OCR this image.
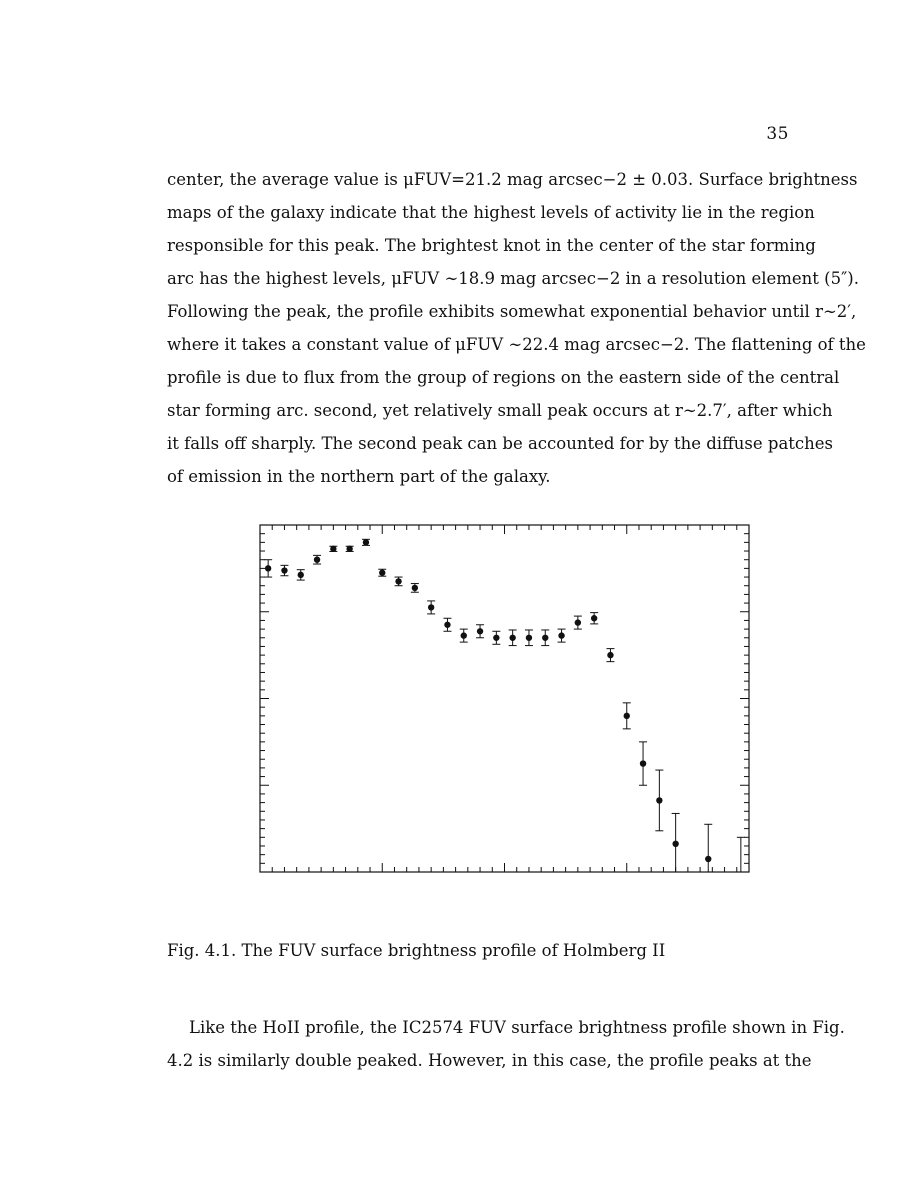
35
center, the average value is μFUV=21.2 mag arcsec−2 ± 0.03. Surface brightness
maps of the galaxy indicate that the highest levels of activity lie in the region
responsible for this peak. The brightest knot in the center of the star forming
arc has the highest levels, μFUV ∼18.9 mag arcsec−2 in a resolution element (5″).
Following the peak, the profile exhibits somewhat exponential behavior until r∼2′,
where it takes a constant value of μFUV ∼22.4 mag arcsec−2. The flattening of the
profile is due to flux from the group of regions on the eastern side of the central
star forming arc. second, yet relatively small peak occurs at r∼2.7′, after which
it falls off sharply. The second peak can be accounted for by the diffuse patches
of emission in the northern part of the galaxy.

Fig. 4.1. The FUV surface brightness profile of Holmberg II

Like the HoII profile, the IC2574 FUV surface brightness profile shown in Fig.
4.2 is similarly double peaked. However, in this case, the profile peaks at the
